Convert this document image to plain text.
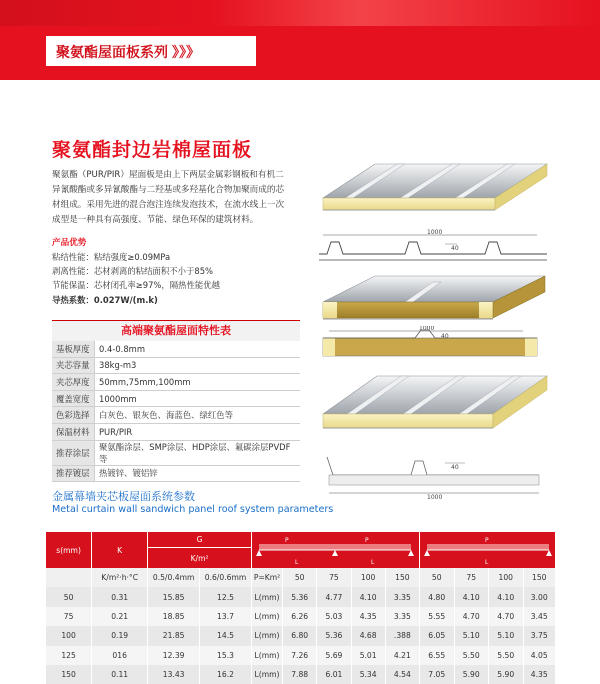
聚氨酯屋面板系列 》》》
聚氨酯封边岩棉屋面板
聚氨酯（PUR/PIR）屋面板是由上下两层金属彩钢板和有机二异氰酸酯或多异氰酸酯与二羟基或多羟基化合物加聚而成的芯材组成。采用先进的混合泡注连续发泡技术，在流水线上一次成型是一种具有高强度、节能、绿色环保的建筑材料。
产品优势
粘结性能：粘结强度≥0.09MPa
剥离性能：芯材剥离的粘结面积不小于85%
节能保温：芯材闭孔率≥97%，隔热性能优越
导热系数：0.027W/(m.k)
高端聚氨酯屋面特性表
基板厚度	0.4-0.8mm
夹芯容量	38kg-m3
夹芯厚度	50mm,75mm,100mm
覆盖宽度	1000mm
色彩选择	白灰色、银灰色、海蓝色、绿红色等
保温材料	PUR/PIR
推荐涂层	聚氨酯涂层、SMP涂层、HDP涂层、氟碳涂层PVDF等
推荐镀层	热镀锌、镀铝锌
金属幕墙夹芯板屋面系统参数
Metal curtain wall sandwich panel roof system parameters
1000
40
1000
40
40
1000
s(mm)	K	G		P P
L L					P
L			

		K/m²										
	K/m²·h·°C	0.5/0.4mm	0.6/0.6mm	P=Km²	50	75	100	150	50	75	100	150
50	0.31	15.85	12.5	L(mm)	5.36	4.77	4.10	3.35	4.80	4.10	4.10	3.00
75	0.21	18.85	13.7	L(mm)	6.26	5.03	4.35	3.35	5.55	4.70	4.70	3.45
100	0.19	21.85	14.5	L(mm)	6.80	5.36	4.68	.388	6.05	5.10	5.10	3.75
125	016	12.39	15.3	L(mm)	7.26	5.69	5.01	4.21	6.55	5.50	5.50	4.05
150	0.11	13.43	16.2	L(mm)	7.88	6.01	5.34	4.54	7.05	5.90	5.90	4.35
